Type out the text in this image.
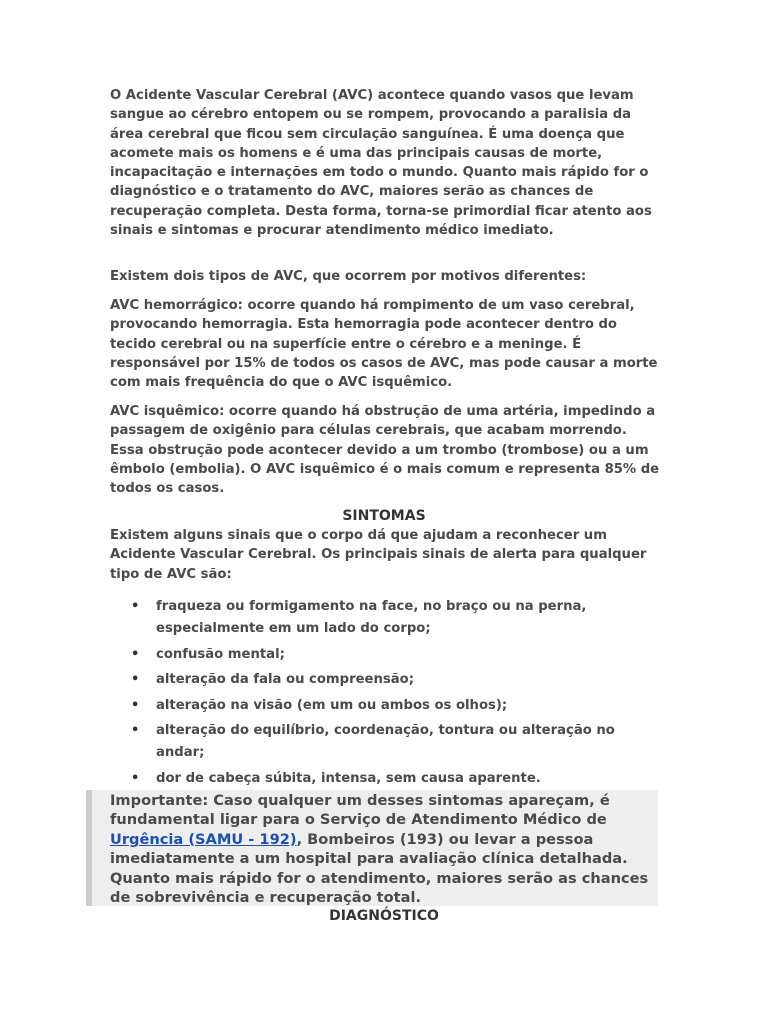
O Acidente Vascular Cerebral (AVC) acontece quando vasos que levam sangue ao cérebro entopem ou se rompem, provocando a paralisia da área cerebral que ficou sem circulação sanguínea. É uma doença que acomete mais os homens e é uma das principais causas de morte, incapacitação e internações em todo o mundo. Quanto mais rápido for o diagnóstico e o tratamento do AVC, maiores serão as chances de recuperação completa. Desta forma, torna-se primordial ficar atento aos sinais e sintomas e procurar atendimento médico imediato.

Existem dois tipos de AVC, que ocorrem por motivos diferentes:

AVC hemorrágico: ocorre quando há rompimento de um vaso cerebral, provocando hemorragia. Esta hemorragia pode acontecer dentro do tecido cerebral ou na superfície entre o cérebro e a meninge. É responsável por 15% de todos os casos de AVC, mas pode causar a morte com mais frequência do que o AVC isquêmico.

AVC isquêmico: ocorre quando há obstrução de uma artéria, impedindo a passagem de oxigênio para células cerebrais, que acabam morrendo. Essa obstrução pode acontecer devido a um trombo (trombose) ou a um êmbolo (embolia). O AVC isquêmico é o mais comum e representa 85% de todos os casos.

SINTOMAS

Existem alguns sinais que o corpo dá que ajudam a reconhecer um Acidente Vascular Cerebral. Os principais sinais de alerta para qualquer tipo de AVC são:

• fraqueza ou formigamento na face, no braço ou na perna, especialmente em um lado do corpo;
• confusão mental;
• alteração da fala ou compreensão;
• alteração na visão (em um ou ambos os olhos);
• alteração do equilíbrio, coordenação, tontura ou alteração no andar;
• dor de cabeça súbita, intensa, sem causa aparente.

Importante: Caso qualquer um desses sintomas apareçam, é fundamental ligar para o Serviço de Atendimento Médico de Urgência (SAMU - 192), Bombeiros (193) ou levar a pessoa imediatamente a um hospital para avaliação clínica detalhada. Quanto mais rápido for o atendimento, maiores serão as chances de sobrevivência e recuperação total.

DIAGNÓSTICO
